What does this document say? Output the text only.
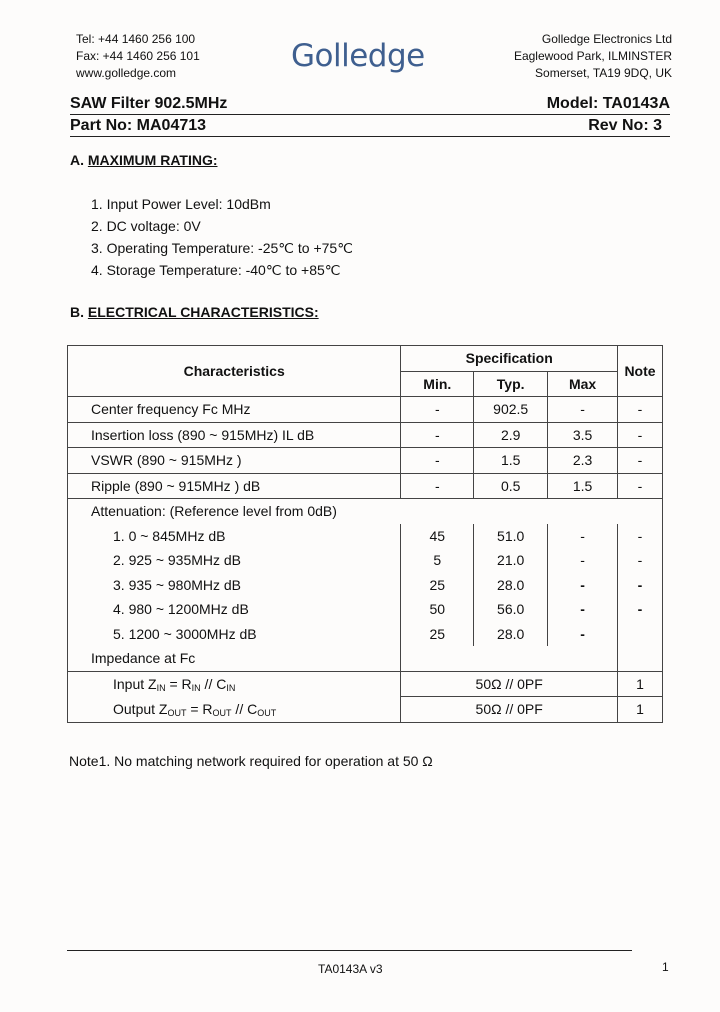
Tel: +44 1460 256 100
Fax: +44 1460 256 101
www.golledge.com	Golledge	Golledge Electronics Ltd
Eaglewood Park, ILMINSTER
Somerset, TA19 9DQ, UK
SAW Filter 902.5MHz	Model: TA0143A
Part No: MA04713	Rev No: 3
A. MAXIMUM RATING:
1. Input Power Level: 10dBm
2. DC voltage: 0V
3. Operating Temperature: -25℃ to +75℃
4. Storage Temperature: -40℃ to +85℃
B. ELECTRICAL CHARACTERISTICS:
Characteristics	Specification			Note
	Min.	Typ.	Max	
Center frequency Fc MHz	-	902.5	-	-
Insertion loss (890 ~ 915MHz) IL dB	-	2.9	3.5	-
VSWR (890 ~ 915MHz )	-	1.5	2.3	-
Ripple (890 ~ 915MHz ) dB	-	0.5	1.5	-
Attenuation: (Reference level from 0dB)				
1. 0 ~ 845MHz dB	45	51.0	-	-
2. 925 ~ 935MHz dB	5	21.0	-	-
3. 935 ~ 980MHz dB	25	28.0	-	-
4. 980 ~ 1200MHz dB	50	56.0	-	-
5. 1200 ~ 3000MHz dB	25	28.0	-	
Impedance at Fc				
Input $Z_{IN} = R_{IN} // C_{IN}$	50Ω // 0PF			1
Output $Z_{OUT} = R_{OUT} // C_{OUT}$	50Ω // 0PF			1
Note1. No matching network required for operation at 50 Ω
TA0143A v3	1
